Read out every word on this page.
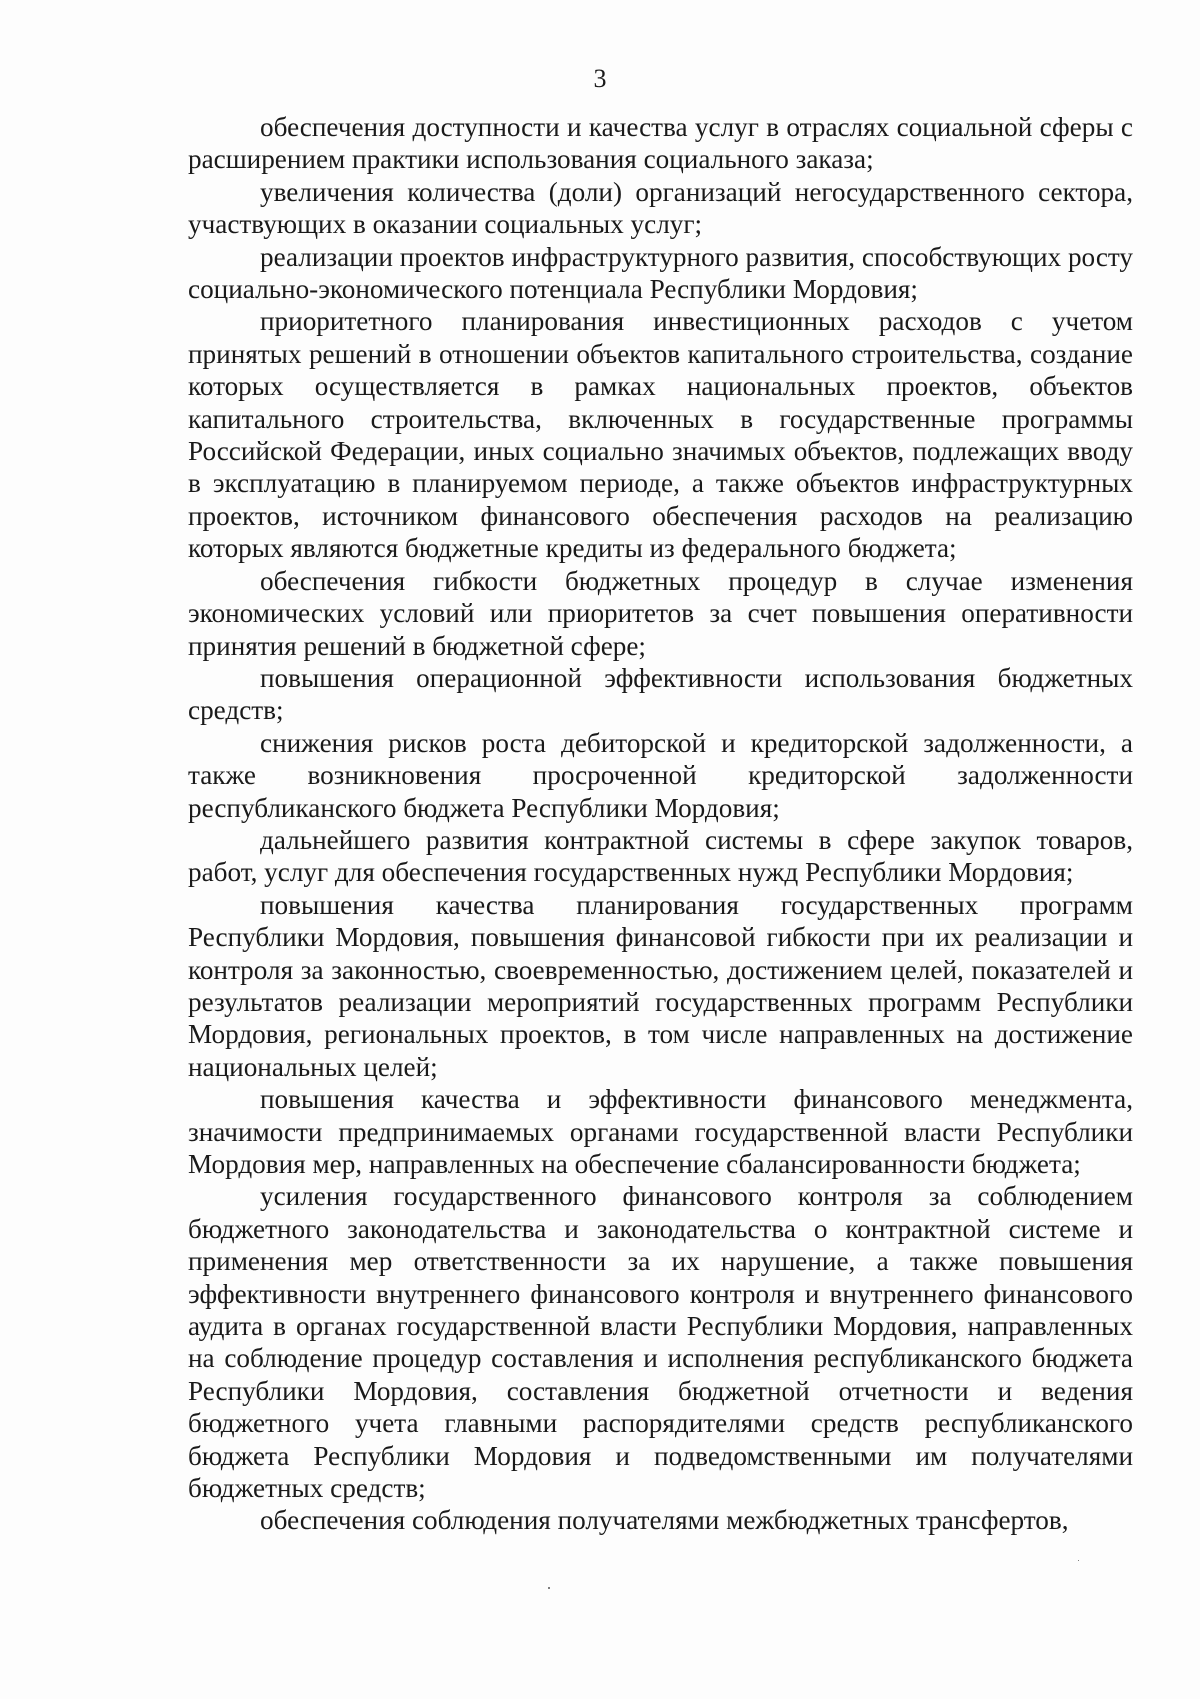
3

обеспечения доступности и качества услуг в отраслях социальной сферы с расширением практики использования социального заказа;

увеличения количества (доли) организаций негосударственного сектора, участвующих в оказании социальных услуг;

реализации проектов инфраструктурного развития, способствующих росту социально-экономического потенциала Республики Мордовия;

приоритетного планирования инвестиционных расходов с учетом принятых решений в отношении объектов капитального строительства, создание которых осуществляется в рамках национальных проектов, объектов капитального строительства, включенных в государственные программы Российской Федерации, иных социально значимых объектов, подлежащих вводу в эксплуатацию в планируемом периоде, а также объектов инфраструктурных проектов, источником финансового обеспечения расходов на реализацию которых являются бюджетные кредиты из федерального бюджета;

обеспечения гибкости бюджетных процедур в случае изменения экономических условий или приоритетов за счет повышения оперативности принятия решений в бюджетной сфере;

повышения операционной эффективности использования бюджетных средств;

снижения рисков роста дебиторской и кредиторской задолженности, а также возникновения просроченной кредиторской задолженности республиканского бюджета Республики Мордовия;

дальнейшего развития контрактной системы в сфере закупок товаров, работ, услуг для обеспечения государственных нужд Республики Мордовия;

повышения качества планирования государственных программ Республики Мордовия, повышения финансовой гибкости при их реализации и контроля за законностью, своевременностью, достижением целей, показателей и результатов реализации мероприятий государственных программ Республики Мордовия, региональных проектов, в том числе направленных на достижение национальных целей;

повышения качества и эффективности финансового менеджмента, значимости предпринимаемых органами государственной власти Республики Мордовия мер, направленных на обеспечение сбалансированности бюджета;

усиления государственного финансового контроля за соблюдением бюджетного законодательства и законодательства о контрактной системе и применения мер ответственности за их нарушение, а также повышения эффективности внутреннего финансового контроля и внутреннего финансового аудита в органах государственной власти Республики Мордовия, направленных на соблюдение процедур составления и исполнения республиканского бюджета Республики Мордовия, составления бюджетной отчетности и ведения бюджетного учета главными распорядителями средств республиканского бюджета Республики Мордовия и подведомственными им получателями бюджетных средств;

обеспечения соблюдения получателями межбюджетных трансфертов,
